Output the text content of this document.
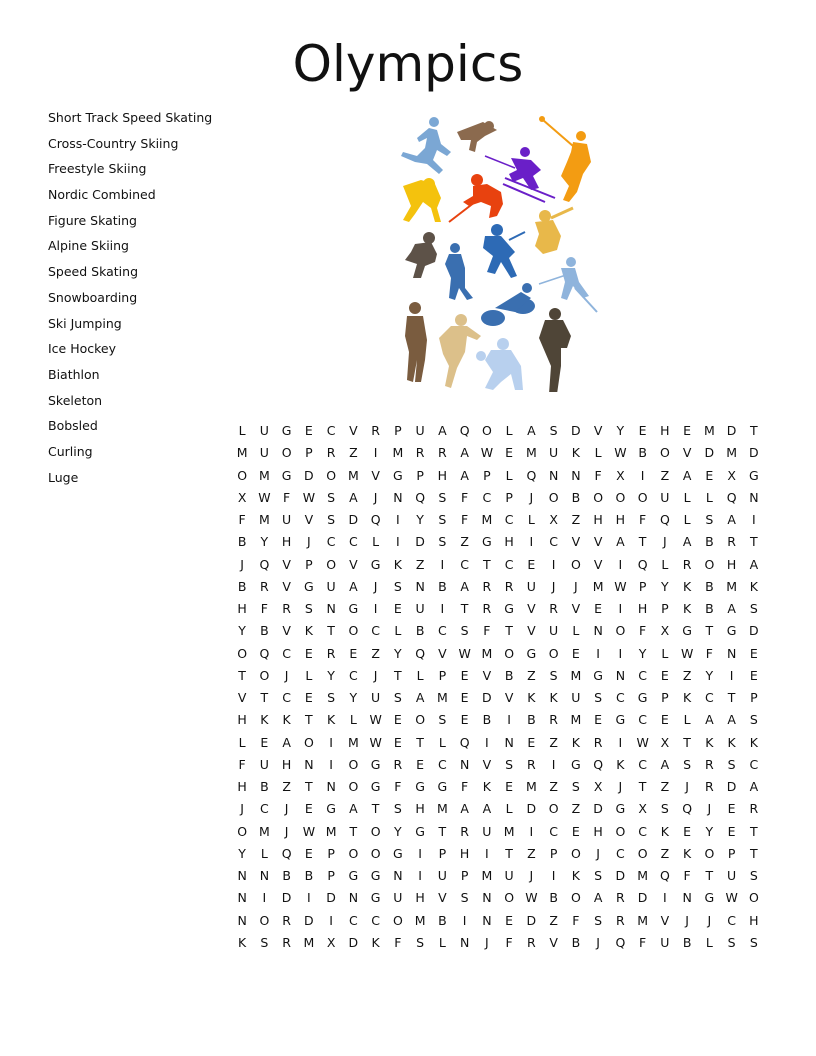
Olympics
Short Track Speed Skating
Cross-Country Skiing
Freestyle Skiing
Nordic Combined
Figure Skating
Alpine Skiing
Speed Skating
Snowboarding
Ski Jumping
Ice Hockey
Biathlon
Skeleton
Bobsled
Curling
Luge
L	U	G	E	C	V	R	P	U	A	Q O	L	A	S	D	V	Y	E	H	E	M D	T
M U	O	P	R	Z	I	M	R	R	A W E	M U	K	L	W B	O	V	D M D
O M G	D	O M	V	G	P	H	A	P	L	Q	N	N	F	X	I	Z	A	E	X	G
X W F W S	A	J	N	Q	S	F	C	P	J	O	B	O O O	U	L	L	Q	N
F	M U	V	S	D	Q	I	Y	S	F	M C	L	X	Z	H	H	F	Q	L	S	A	I
B	Y	H	J	C	C	L	I	D	S	Z	G	H	I	C	V	V	A	T	J	A	B	R	T
J	Q	V	P	O	V	G	K	Z	I	C	T	C	E	I	O	V	I	Q	L	R	O	H	A
B	R	V	G	U	A	J	S	N	B	A	R	R	U	J	J	M W P	Y	K	B	M	K
H	F	R	S	N	G	I	E	U	I	T	R	G	V	R	V	E	I	H	P	K	B	A	S
Y	B	V	K	T	O	C	L	B	C	S	F	T	V	U	L	N	O	F	X	G	T	G	D
O Q	C	E	R	E	Z	Y	Q	V W M O G O	E	I	I	Y	L	W F	N	E
T	O	J	L	Y	C	J	T	L	P	E	V	B	Z	S	M G	N	C	E	Z	Y	I	E
V	T	C	E	S	Y	U	S	A	M	E	D	V	K	K	U	S	C	G	P	K	C	T	P
H	K	K	T	K	L	W E	O	S	E	B	I	B	R	M	E	G	C	E	L	A	A	S
L	E	A	O	I	M W E	T	L	Q	I	N	E	Z	K	R	I	W X	T	K	K	K
F	U	H	N	I	O G	R	E	C	N	V	S	R	I	G Q	K	C	A	S	R	S	C
H	B	Z	T	N	O G	F	G	G	F	K	E	M	Z	S	X	J	T	Z	J	R	D	A
J	C	J	E	G	A	T	S	H M	A	A	L	D	O	Z	D	G	X	S	Q	J	E	R
O M	J	W M	T	O	Y	G	T	R	U M	I	C	E	H	O	C	K	E	Y	E	T
Y	L	Q	E	P	O O G	I	P	H	I	T	Z	P	O	J	C	O	Z	K	O	P	T
N	N	B	B	P	G	G	N	I	U	P	M U	J	I	K	S	D M Q	F	T	U	S
N	I	D	I	D	N	G	U	H	V	S	N	O W B	O	A	R	D	I	N	G W O
N	O	R	D	I	C	C	O M	B	I	N	E	D	Z	F	S	R	M	V	J	J	C	H
K	S	R	M	X	D	K	F	S	L	N	J	F	R	V	B	J	Q	F	U	B	L	S	S
